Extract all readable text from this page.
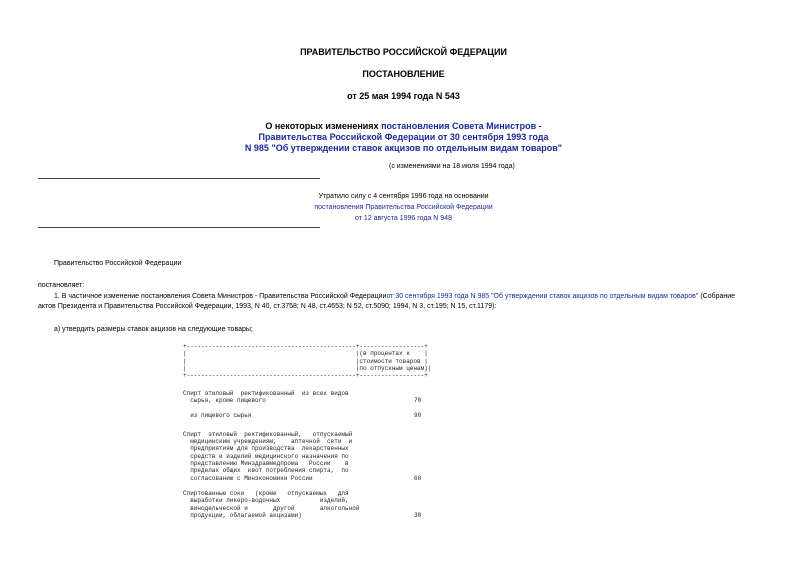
ПРАВИТЕЛЬСТВО РОССИЙСКОЙ ФЕДЕРАЦИИ
ПОСТАНОВЛЕНИЕ
от 25 мая 1994 года N 543
О некоторых изменениях постановления Совета Министров -
Правительства Российской Федерации от 30 сентября 1993 года
N 985 "Об утверждении ставок акцизов по отдельным видам товаров"
(с изменениями на 18 июля 1994 года)
Утратило силу с 4 сентября 1996 года на основании
постановления Правительства Российской Федерации
от 12 августа 1996 года N 948
Правительство Российской Федерации
постановляет:
1. В частичное изменение постановления Совета Министров - Правительства Российской Федерацииот 30 сентября 1993 года N 985 "Об утверждении ставок акцизов по отдельным видам товаров" (Собрание
актов Президента и Правительства Российской Федерации, 1993, N 40, ст.3758; N 48, ст.4653; N 52, ст.5090; 1994, N 3, ст.195; N 15, ст.1179):
а) утвердить размеры ставок акцизов на следующие товары;
+-----------------------------------------------+------------------+
|                                               |(в процентах к    |
|                                               |стоимости товаров |
|                                               |по отпускным ценам)|
+-----------------------------------------------+------------------+
Спирт этиловый  ректификованный  из всех видов
сырья, кроме пищевого	70
из пищевого сырья	90
Спирт  этиловый  ректификованный,   отпускаемый
медицинским учреждениям,    аптечной  сети  и
предприятиям для производства  лекарственных
средств и изделий медицинского назначения по
представлению Минздравмедпрома   России    в
пределах общих  квот потребления спирта,  по
согласованию с Минэкономики России	60
Спиртованные соки   (кроме   отпускаемых   для
выработки ликеро-водочных           изделий,
винодельческой и       другой       алкогольной
продукции, облагаемой акцизами)	30
